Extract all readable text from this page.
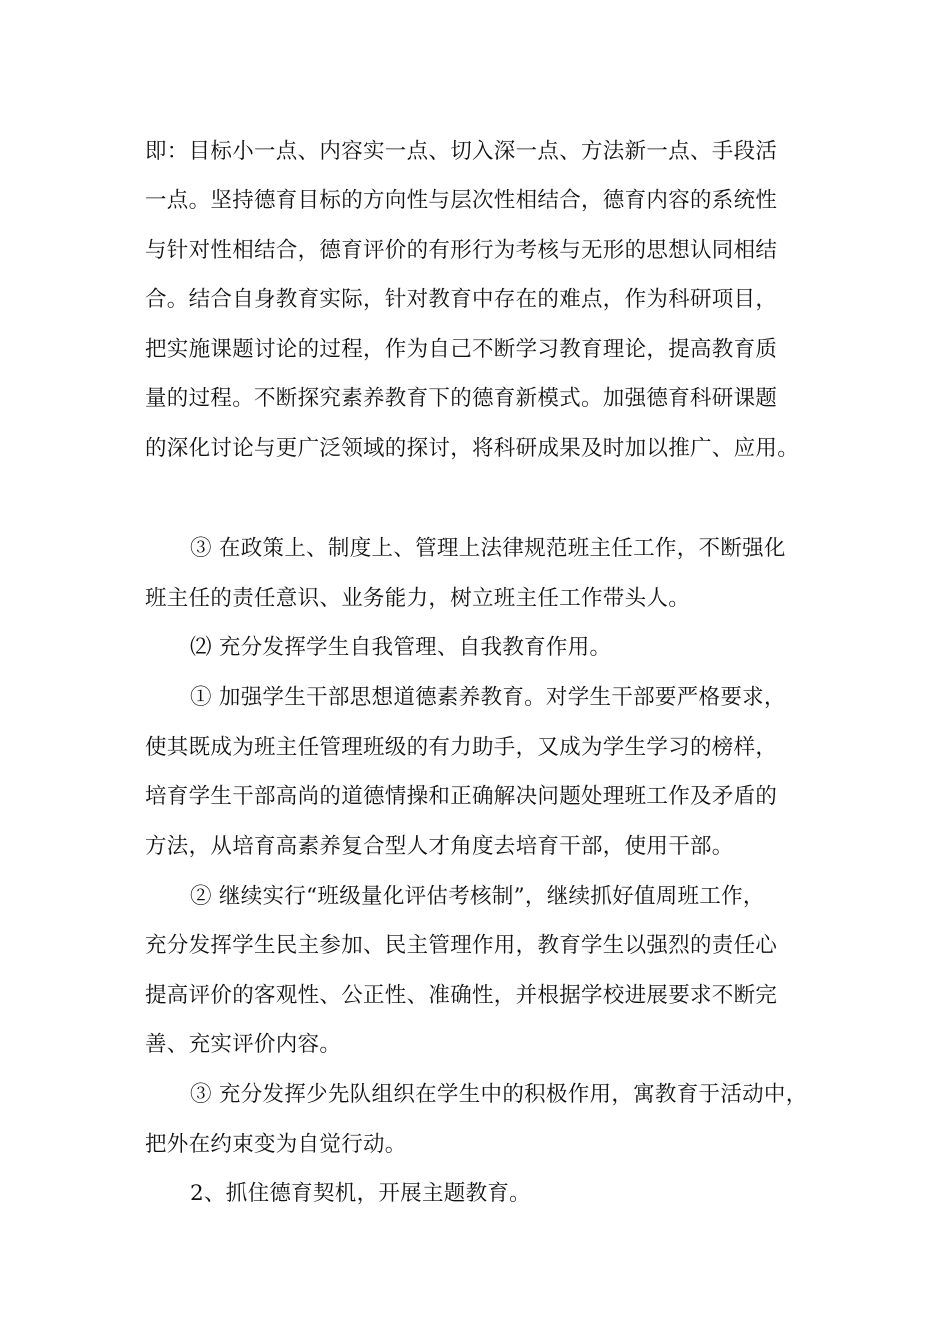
即：目标小一点、内容实一点、切入深一点、方法新一点、手段活
一点。坚持德育目标的方向性与层次性相结合，德育内容的系统性
与针对性相结合，德育评价的有形行为考核与无形的思想认同相结
合。结合自身教育实际，针对教育中存在的难点，作为科研项目，
把实施课题讨论的过程，作为自己不断学习教育理论，提高教育质
量的过程。不断探究素养教育下的德育新模式。加强德育科研课题
的深化讨论与更广泛领域的探讨，将科研成果及时加以推广、应用。
③ 在政策上、制度上、管理上法律规范班主任工作，不断强化
班主任的责任意识、业务能力，树立班主任工作带头人。
⑵ 充分发挥学生自我管理、自我教育作用。
① 加强学生干部思想道德素养教育。对学生干部要严格要求，
使其既成为班主任管理班级的有力助手，又成为学生学习的榜样，
培育学生干部高尚的道德情操和正确解决问题处理班工作及矛盾的
方法，从培育高素养复合型人才角度去培育干部，使用干部。
② 继续实行“班级量化评估考核制”，继续抓好值周班工作，
充分发挥学生民主参加、民主管理作用，教育学生以强烈的责任心
提高评价的客观性、公正性、准确性，并根据学校进展要求不断完
善、充实评价内容。
③ 充分发挥少先队组织在学生中的积极作用，寓教育于活动中，
把外在约束变为自觉行动。
2、抓住德育契机，开展主题教育。
